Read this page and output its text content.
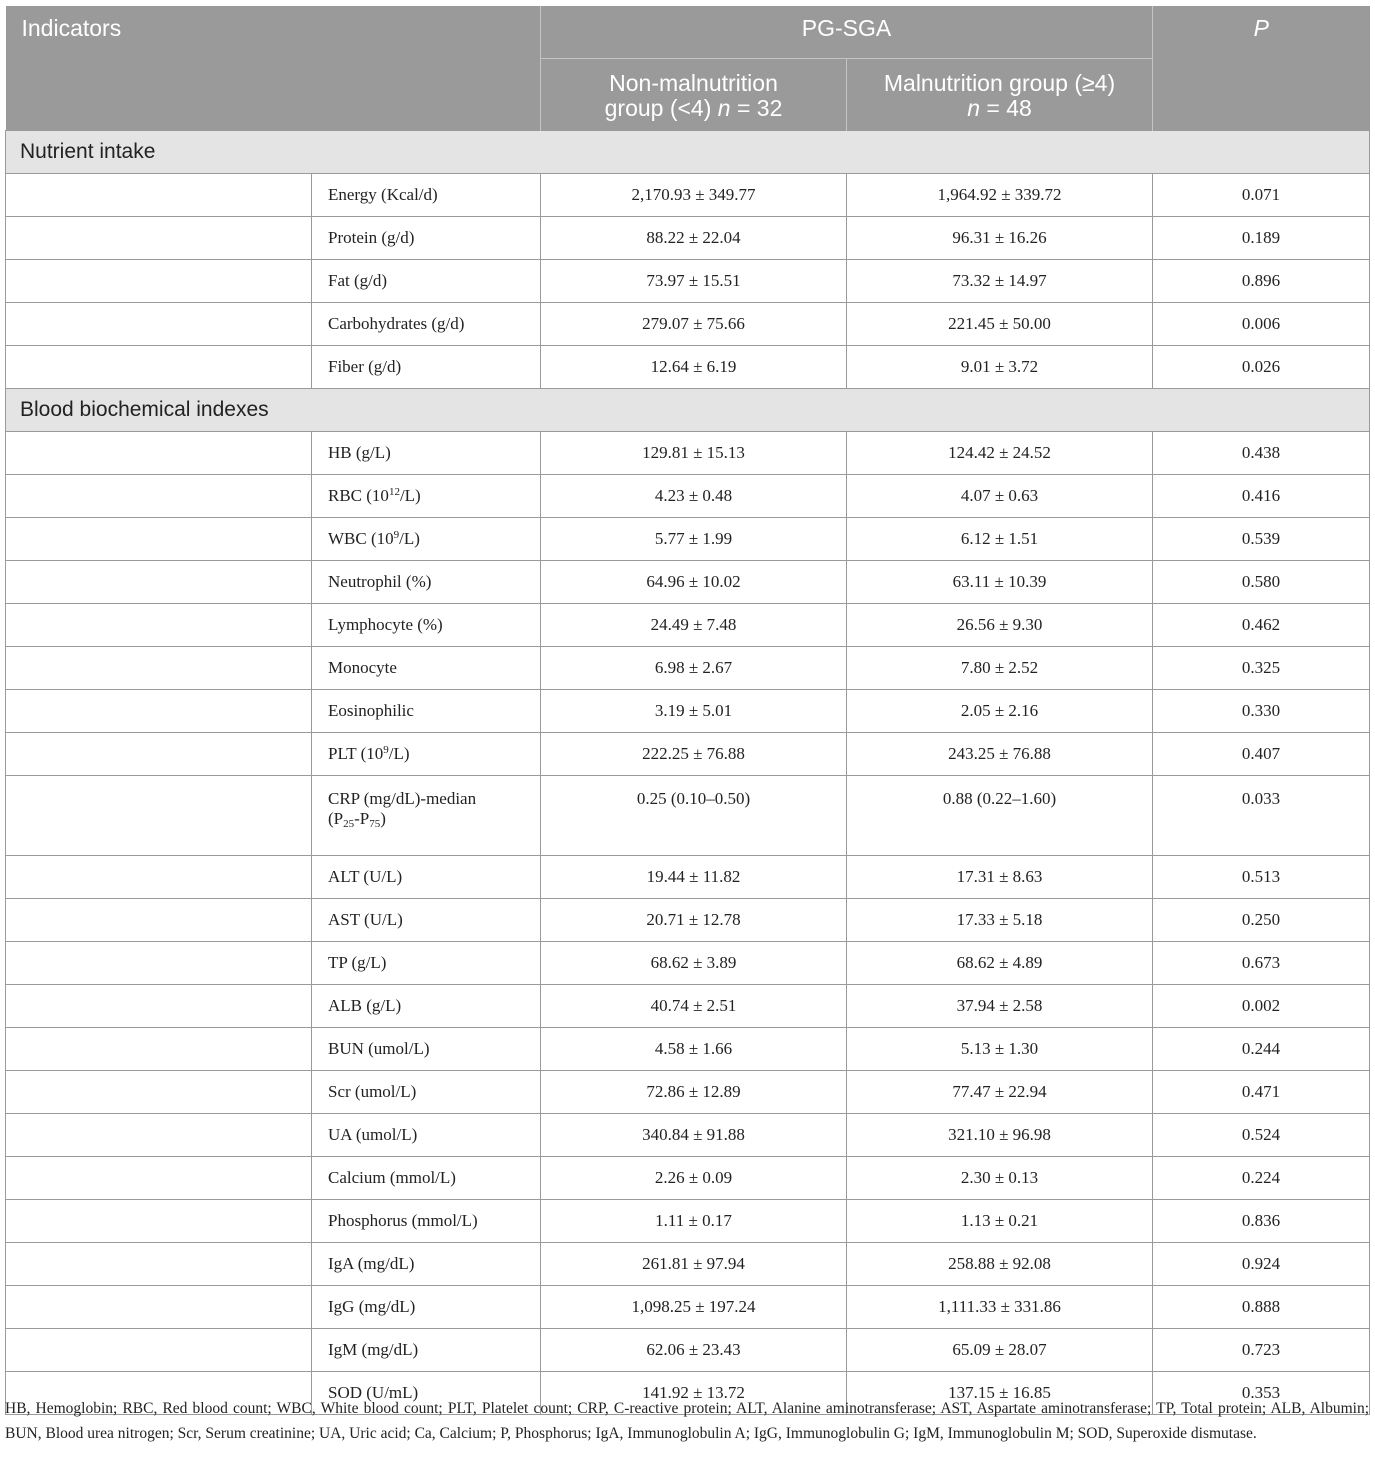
Indicators		PG-SGA		P
		Non-malnutrition
group (<4) n = 32	Malnutrition group (≥4)
n = 48	
Nutrient intake				
	Energy (Kcal/d)	2,170.93 ± 349.77	1,964.92 ± 339.72	0.071
	Protein (g/d)	88.22 ± 22.04	96.31 ± 16.26	0.189
	Fat (g/d)	73.97 ± 15.51	73.32 ± 14.97	0.896
	Carbohydrates (g/d)	279.07 ± 75.66	221.45 ± 50.00	0.006
	Fiber (g/d)	12.64 ± 6.19	9.01 ± 3.72	0.026
Blood biochemical indexes				
	HB (g/L)	129.81 ± 15.13	124.42 ± 24.52	0.438
	RBC $(10^{12}/L)$	4.23 ± 0.48	4.07 ± 0.63	0.416
	WBC $(10^9/L)$	5.77 ± 1.99	6.12 ± 1.51	0.539
	Neutrophil (%)	64.96 ± 10.02	63.11 ± 10.39	0.580
	Lymphocyte (%)	24.49 ± 7.48	26.56 ± 9.30	0.462
	Monocyte	6.98 ± 2.67	7.80 ± 2.52	0.325
	Eosinophilic	3.19 ± 5.01	2.05 ± 2.16	0.330
	PLT $(10^9/L)$	222.25 ± 76.88	243.25 ± 76.88	0.407
	CRP (mg/dL)-median
$(P_{25}-P_{75})$	0.25 (0.10–0.50)	0.88 (0.22–1.60)	0.033
	ALT (U/L)	19.44 ± 11.82	17.31 ± 8.63	0.513
	AST (U/L)	20.71 ± 12.78	17.33 ± 5.18	0.250
	TP (g/L)	68.62 ± 3.89	68.62 ± 4.89	0.673
	ALB (g/L)	40.74 ± 2.51	37.94 ± 2.58	0.002
	BUN (umol/L)	4.58 ± 1.66	5.13 ± 1.30	0.244
	Scr (umol/L)	72.86 ± 12.89	77.47 ± 22.94	0.471
	UA (umol/L)	340.84 ± 91.88	321.10 ± 96.98	0.524
	Calcium (mmol/L)	2.26 ± 0.09	2.30 ± 0.13	0.224
	Phosphorus (mmol/L)	1.11 ± 0.17	1.13 ± 0.21	0.836
	IgA (mg/dL)	261.81 ± 97.94	258.88 ± 92.08	0.924
	IgG (mg/dL)	1,098.25 ± 197.24	1,111.33 ± 331.86	0.888
	IgM (mg/dL)	62.06 ± 23.43	65.09 ± 28.07	0.723
	SOD (U/mL)	141.92 ± 13.72	137.15 ± 16.85	0.353
HB, Hemoglobin; RBC, Red blood count; WBC, White blood count; PLT, Platelet count; CRP, C-reactive protein; ALT, Alanine aminotransferase; AST, Aspartate aminotransferase; TP, Total protein; ALB, Albumin; BUN, Blood urea nitrogen; Scr, Serum creatinine; UA, Uric acid; Ca, Calcium; P, Phosphorus; IgA, Immunoglobulin A; IgG, Immunoglobulin G; IgM, Immunoglobulin M; SOD, Superoxide dismutase.
